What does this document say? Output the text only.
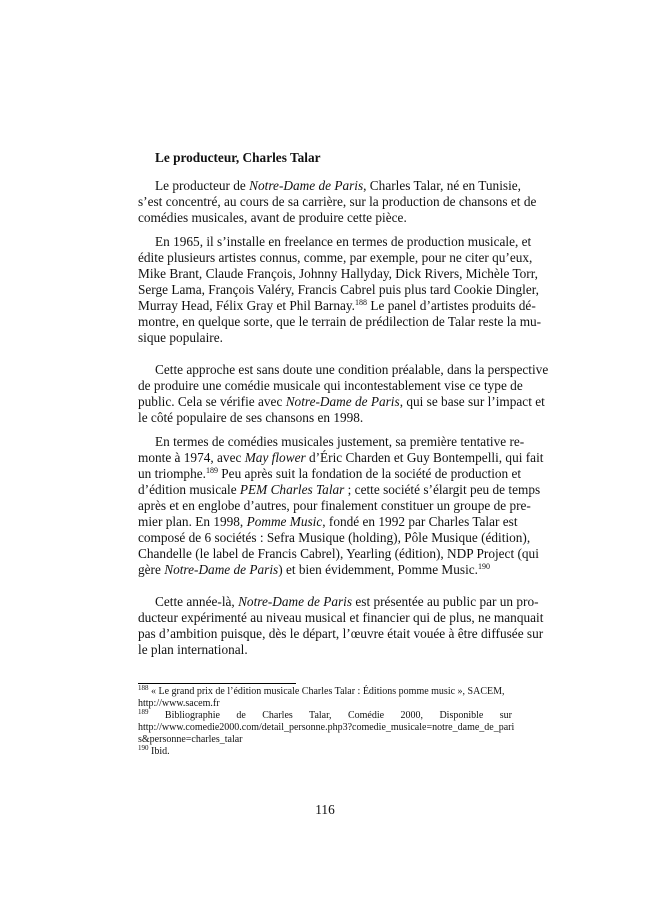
Le producteur, Charles Talar
Le producteur de Notre-Dame de Paris, Charles Talar, né en Tunisie,
s’est concentré, au cours de sa carrière, sur la production de chansons et de
comédies musicales, avant de produire cette pièce.
En 1965, il s’installe en freelance en termes de production musicale, et
édite plusieurs artistes connus, comme, par exemple, pour ne citer qu’eux,
Mike Brant, Claude François, Johnny Hallyday, Dick Rivers, Michèle Torr,
Serge Lama, François Valéry, Francis Cabrel puis plus tard Cookie Dingler,
Murray Head, Félix Gray et Phil Barnay.$^{188}$ Le panel d’artistes produits dé-
montre, en quelque sorte, que le terrain de prédilection de Talar reste la mu-
sique populaire.
Cette approche est sans doute une condition préalable, dans la perspective
de produire une comédie musicale qui incontestablement vise ce type de
public. Cela se vérifie avec Notre-Dame de Paris, qui se base sur l’impact et
le côté populaire de ses chansons en 1998.
En termes de comédies musicales justement, sa première tentative re-
monte à 1974, avec May flower d’Éric Charden et Guy Bontempelli, qui fait
un triomphe.$^{189}$ Peu après suit la fondation de la société de production et
d’édition musicale PEM Charles Talar ; cette société s’élargit peu de temps
après et en englobe d’autres, pour finalement constituer un groupe de pre-
mier plan. En 1998, Pomme Music, fondé en 1992 par Charles Talar est
composé de 6 sociétés : Sefra Musique (holding), Pôle Musique (édition),
Chandelle (le label de Francis Cabrel), Yearling (édition), NDP Project (qui
gère Notre-Dame de Paris) et bien évidemment, Pomme Music.$^{190}$
Cette année-là, Notre-Dame de Paris est présentée au public par un pro-
ducteur expérimenté au niveau musical et financier qui de plus, ne manquait
pas d’ambition puisque, dès le départ, l’œuvre était vouée à être diffusée sur
le plan international.
$^{188}$ « Le grand prix de l’édition musicale Charles Talar : Éditions pomme music », SACEM,
http://www.sacem.fr
$^{189}$ Bibliographie de Charles Talar, Comédie 2000, Disponible sur
http://www.comedie2000.com/detail_personne.php3?comedie_musicale=notre_dame_de_pari
s&personne=charles_talar
$^{190}$ Ibid.
116
